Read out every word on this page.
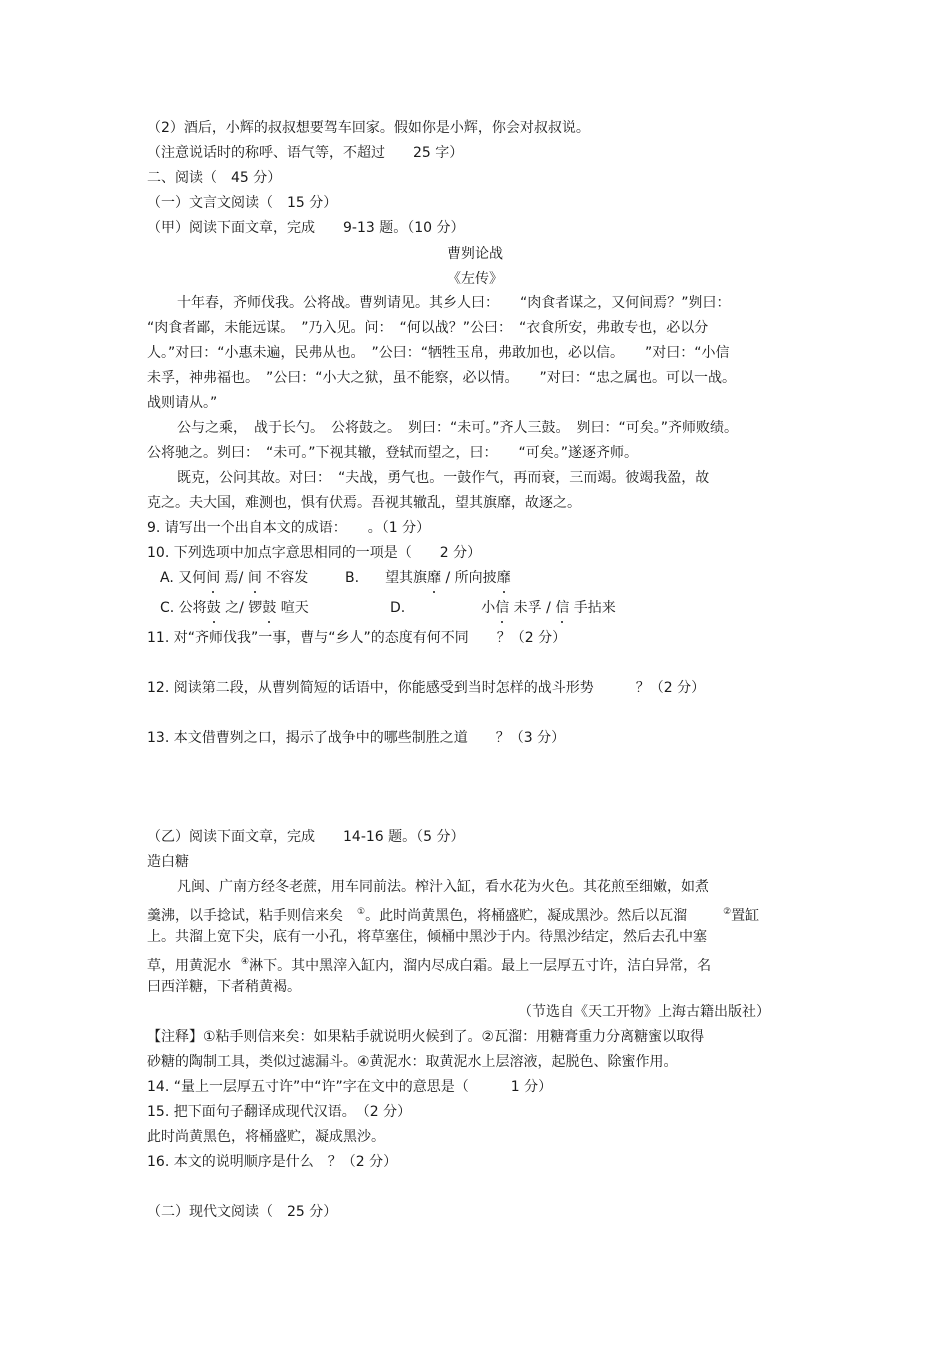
（2）酒后，小辉的叔叔想要驾车回家。假如你是小辉，你会对叔叔说。

（注意说话时的称呼、语气等，不超过　　25 字）

二、阅读（　45 分）

（一）文言文阅读（　15 分）

（甲）阅读下面文章，完成　　9-13 题。（10 分）

曹刿论战

《左传》

十年春，齐师伐我。公将战。曹刿请见。其乡人曰：　　“肉食者谋之，又何间焉？”刿曰：

“肉食者鄙，未能远谋。　”乃入见。问：　“何以战？”公曰：　“衣食所安，弗敢专也，必以分

人。”对曰：“小惠未遍，民弗从也。　”公曰：“牺牲玉帛，弗敢加也，必以信。　　”对曰：“小信

未孚，神弗福也。　”公曰：“小大之狱，虽不能察，必以情。　　”对曰：“忠之属也。可以一战。

战则请从。”

公与之乘，　战于长勺。　公将鼓之。　刿曰：“未可。”齐人三鼓。　刿曰：“可矣。”齐师败绩。

公将驰之。刿曰：　“未可。”下视其辙，登轼而望之，曰：　　“可矣。”遂逐齐师。

既克，公问其故。对曰：　“夫战，勇气也。一鼓作气，再而衰，三而竭。彼竭我盈，故

克之。夫大国，难测也，惧有伏焉。吾视其辙乱，望其旗靡，故逐之。

9. 请写出一个出自本文的成语：　　。（1 分）

10. 下列选项中加点字意思相同的一项是（　　2 分）

A. 又何间 焉/ 间 不容发	B. 望其旗靡 / 所向披靡

C. 公将鼓 之/ 锣鼓 喧天	D.	小信 未孚 / 信 手拈来

11. 对“齐师伐我”一事，曹与“乡人”的态度有何不同　　？（2 分）

12. 阅读第二段，从曹刿简短的话语中，你能感受到当时怎样的战斗形势　　　？（2 分）

13. 本文借曹刿之口，揭示了战争中的哪些制胜之道　　？（3 分）

（乙）阅读下面文章，完成　　14-16 题。（5 分）

造白糖

凡闽、广南方经冬老蔗，用车同前法。榨汁入缸，看水花为火色。其花煎至细嫩，如煮

羹沸，以手捻试，粘手则信来矣 ①。此时尚黄黑色，将桶盛贮，凝成黑沙。然后以瓦溜	②置缸

上。共溜上宽下尖，底有一小孔，将草塞住，倾桶中黑沙于内。待黑沙结定，然后去孔中塞

草，用黄泥水 ④淋下。其中黑滓入缸内，溜内尽成白霜。最上一层厚五寸许，洁白异常，名

曰西洋糖，下者稍黄褐。

（节选自《天工开物》上海古籍出版社）

【注释】①粘手则信来矣：如果粘手就说明火候到了。②瓦溜：用糖膏重力分离糖蜜以取得

砂糖的陶制工具，类似过滤漏斗。④黄泥水：取黄泥水上层溶液，起脱色、除蜜作用。

14. “量上一层厚五寸许”中“许”字在文中的意思是（　　　1 分）

15. 把下面句子翻译成现代汉语。　（2 分）

此时尚黄黑色，将桶盛贮，凝成黑沙。

16. 本文的说明顺序是什么　？（2 分）

（二）现代文阅读（　25 分）
